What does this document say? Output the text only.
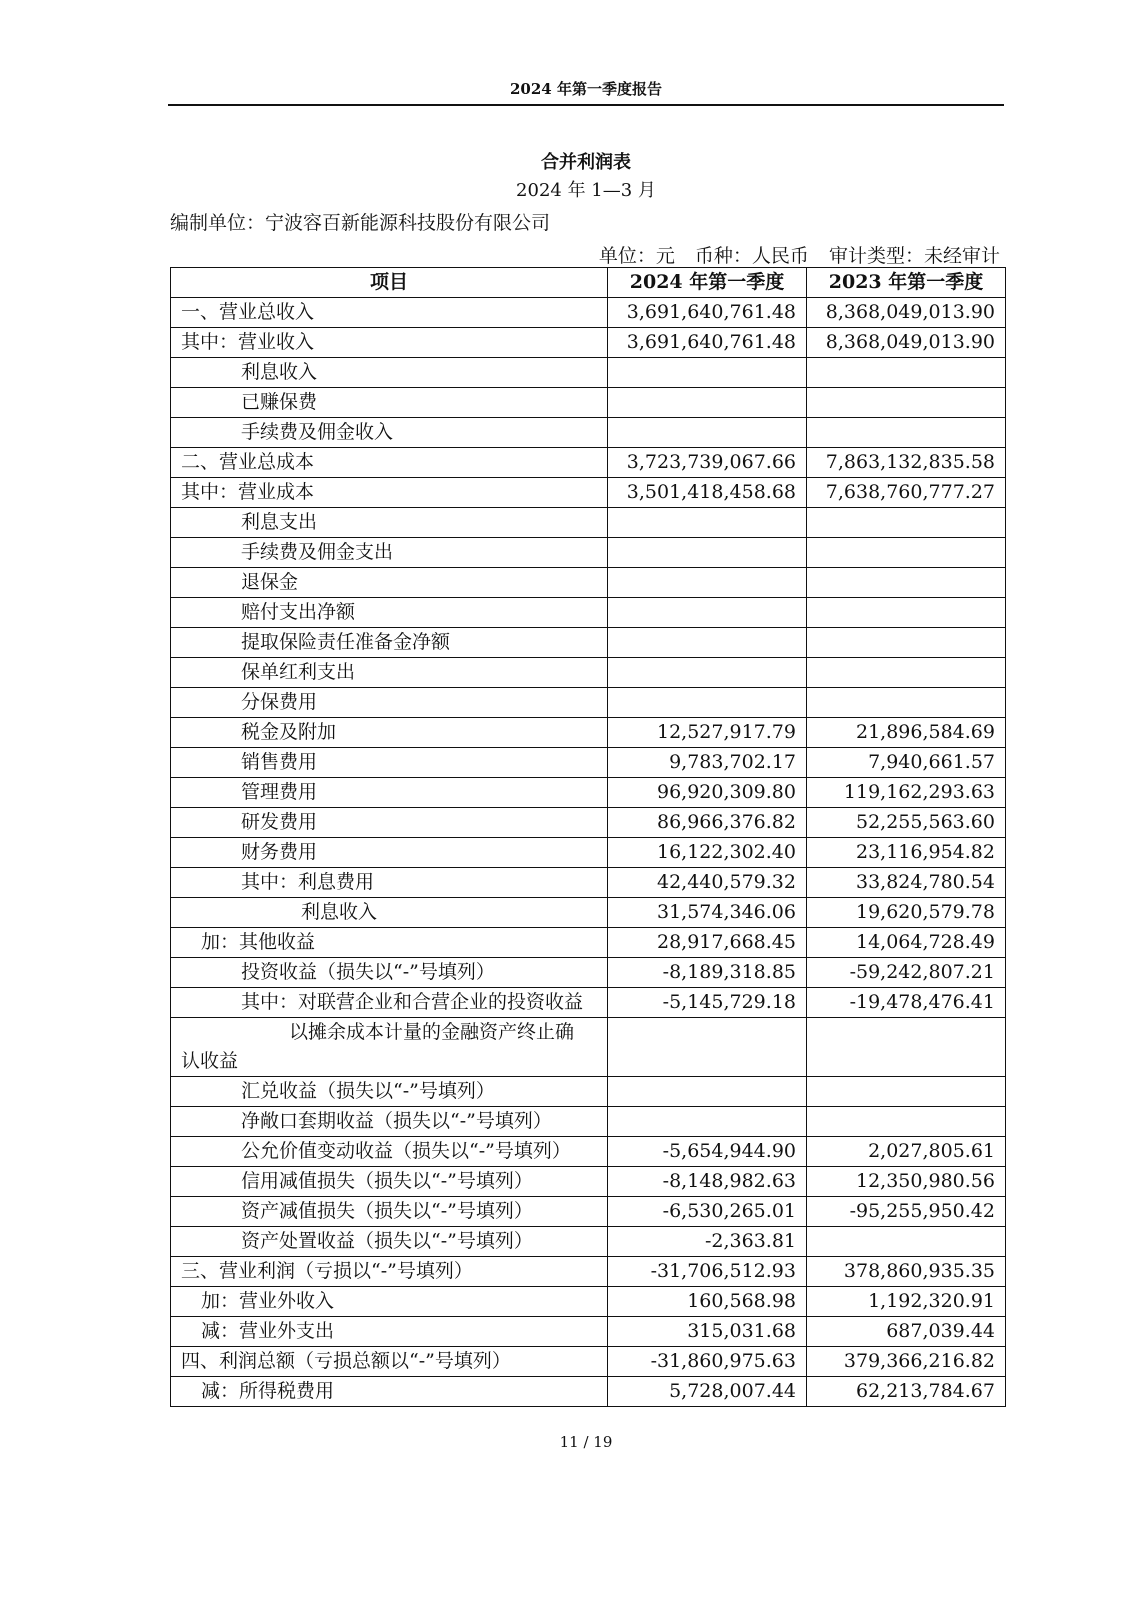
2024 年第一季度报告
合并利润表
2024 年 1—3 月
编制单位：宁波容百新能源科技股份有限公司
单位：元 币种：人民币 审计类型：未经审计
项目	2024 年第一季度	2023 年第一季度
一、营业总收入	3,691,640,761.48	8,368,049,013.90
其中：营业收入	3,691,640,761.48	8,368,049,013.90
利息收入		
已赚保费		
手续费及佣金收入		
二、营业总成本	3,723,739,067.66	7,863,132,835.58
其中：营业成本	3,501,418,458.68	7,638,760,777.27
利息支出		
手续费及佣金支出		
退保金		
赔付支出净额		
提取保险责任准备金净额		
保单红利支出		
分保费用		
税金及附加	12,527,917.79	21,896,584.69
销售费用	9,783,702.17	7,940,661.57
管理费用	96,920,309.80	119,162,293.63
研发费用	86,966,376.82	52,255,563.60
财务费用	16,122,302.40	23,116,954.82
其中：利息费用	42,440,579.32	33,824,780.54
利息收入	31,574,346.06	19,620,579.78
加：其他收益	28,917,668.45	14,064,728.49
投资收益（损失以“-”号填列）	-8,189,318.85	-59,242,807.21
其中：对联营企业和合营企业的投资收益	-5,145,729.18	-19,478,476.41
以摊余成本计量的金融资产终止确
认收益		
汇兑收益（损失以“-”号填列）		
净敞口套期收益（损失以“-”号填列）		
公允价值变动收益（损失以“-”号填列）	-5,654,944.90	2,027,805.61
信用减值损失（损失以“-”号填列）	-8,148,982.63	12,350,980.56
资产减值损失（损失以“-”号填列）	-6,530,265.01	-95,255,950.42
资产处置收益（损失以“-”号填列）	-2,363.81	
三、营业利润（亏损以“-”号填列）	-31,706,512.93	378,860,935.35
加：营业外收入	160,568.98	1,192,320.91
减：营业外支出	315,031.68	687,039.44
四、利润总额（亏损总额以“-”号填列）	-31,860,975.63	379,366,216.82
减：所得税费用	5,728,007.44	62,213,784.67
11 / 19
